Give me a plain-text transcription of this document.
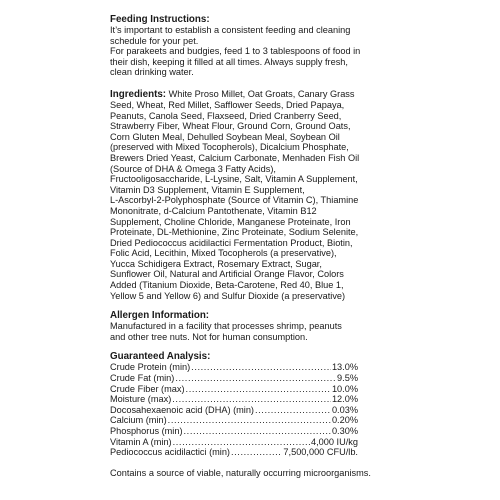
Feeding Instructions:

It’s important to establish a consistent feeding and cleaning

schedule for your pet.

For parakeets and budgies, feed 1 to 3 tablespoons of food in

their dish, keeping it filled at all times. Always supply fresh,

clean drinking water.

Ingredients: White Proso Millet, Oat Groats, Canary Grass

Seed, Wheat, Red Millet, Safflower Seeds, Dried Papaya,

Peanuts, Canola Seed, Flaxseed, Dried Cranberry Seed,

Strawberry Fiber, Wheat Flour, Ground Corn, Ground Oats,

Corn Gluten Meal, Dehulled Soybean Meal, Soybean Oil

(preserved with Mixed Tocopherols), Dicalcium Phosphate,

Brewers Dried Yeast, Calcium Carbonate, Menhaden Fish Oil

(Source of DHA & Omega 3 Fatty Acids),

Fructooligosaccharide, L-Lysine, Salt, Vitamin A Supplement,

Vitamin D3 Supplement, Vitamin E Supplement,

L-Ascorbyl-2-Polyphosphate (Source of Vitamin C), Thiamine

Mononitrate, d-Calcium Pantothenate, Vitamin B12

Supplement, Choline Chloride, Manganese Proteinate, Iron

Proteinate, DL-Methionine, Zinc Proteinate, Sodium Selenite,

Dried Pediococcus acidilactici Fermentation Product, Biotin,

Folic Acid, Lecithin, Mixed Tocopherols (a preservative),

Yucca Schidigera Extract, Rosemary Extract, Sugar,

Sunflower Oil, Natural and Artificial Orange Flavor, Colors

Added (Titanium Dioxide, Beta-Carotene, Red 40, Blue 1,

Yellow 5 and Yellow 6) and Sulfur Dioxide (a preservative)

Allergen Information:

Manufactured in a facility that processes shrimp, peanuts

and other tree nuts. Not for human consumption.

Guaranteed Analysis:
Crude Protein (min) .....	13.0%
Crude Fat (min) .....	9.5%
Crude Fiber (max) .....	10.0%
Moisture (max) .....	12.0%
Docosahexaenoic acid (DHA) (min) .....	0.03%
Calcium (min) .....	0.20%
Phosphorus (min) .....	0.30%
Vitamin A (min) .....	4,000 IU/kg
Pediococcus acidilactici (min) .....	7,500,000 CFU/lb.

Contains a source of viable, naturally occurring microorganisms.
